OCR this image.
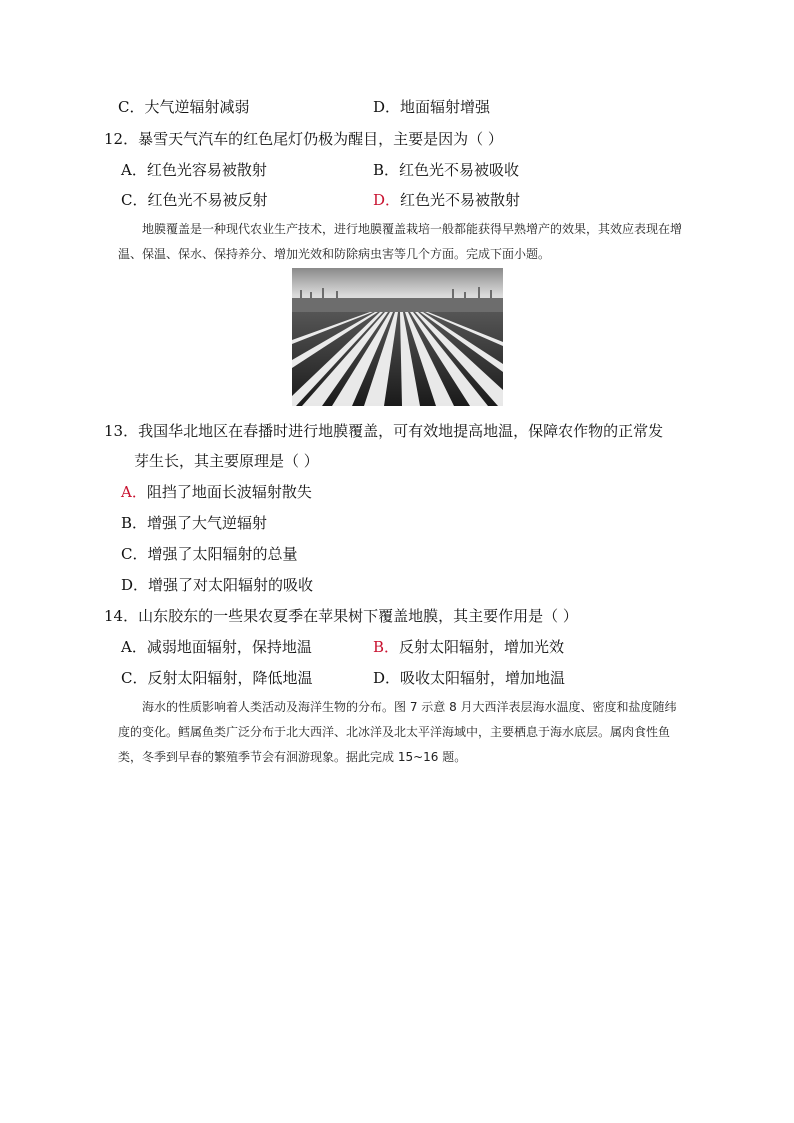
C．大气逆辐射减弱	D．地面辐射增强
12．暴雪天气汽车的红色尾灯仍极为醒目，主要是因为（ ）
A．红色光容易被散射	B．红色光不易被吸收
C．红色光不易被反射	D．红色光不易被散射

地膜覆盖是一种现代农业生产技术，进行地膜覆盖栽培一般都能获得早熟增产的效果，其效应表现在增温、保温、保水、保持养分、增加光效和防除病虫害等几个方面。完成下面小题。

13．我国华北地区在春播时进行地膜覆盖，可有效地提高地温，保障农作物的正常发
芽生长，其主要原理是（ ）
A．阻挡了地面长波辐射散失
B．增强了大气逆辐射
C．增强了太阳辐射的总量
D．增强了对太阳辐射的吸收
14．山东胶东的一些果农夏季在苹果树下覆盖地膜，其主要作用是（ ）
A．减弱地面辐射，保持地温	B．反射太阳辐射，增加光效
C．反射太阳辐射，降低地温	D．吸收太阳辐射，增加地温

海水的性质影响着人类活动及海洋生物的分布。图 7 示意 8 月大西洋表层海水温度、密度和盐度随纬度的变化。鳕属鱼类广泛分布于北大西洋、北冰洋及北太平洋海域中，主要栖息于海水底层。属肉食性鱼类，冬季到早春的繁殖季节会有洄游现象。据此完成 15~16 题。
